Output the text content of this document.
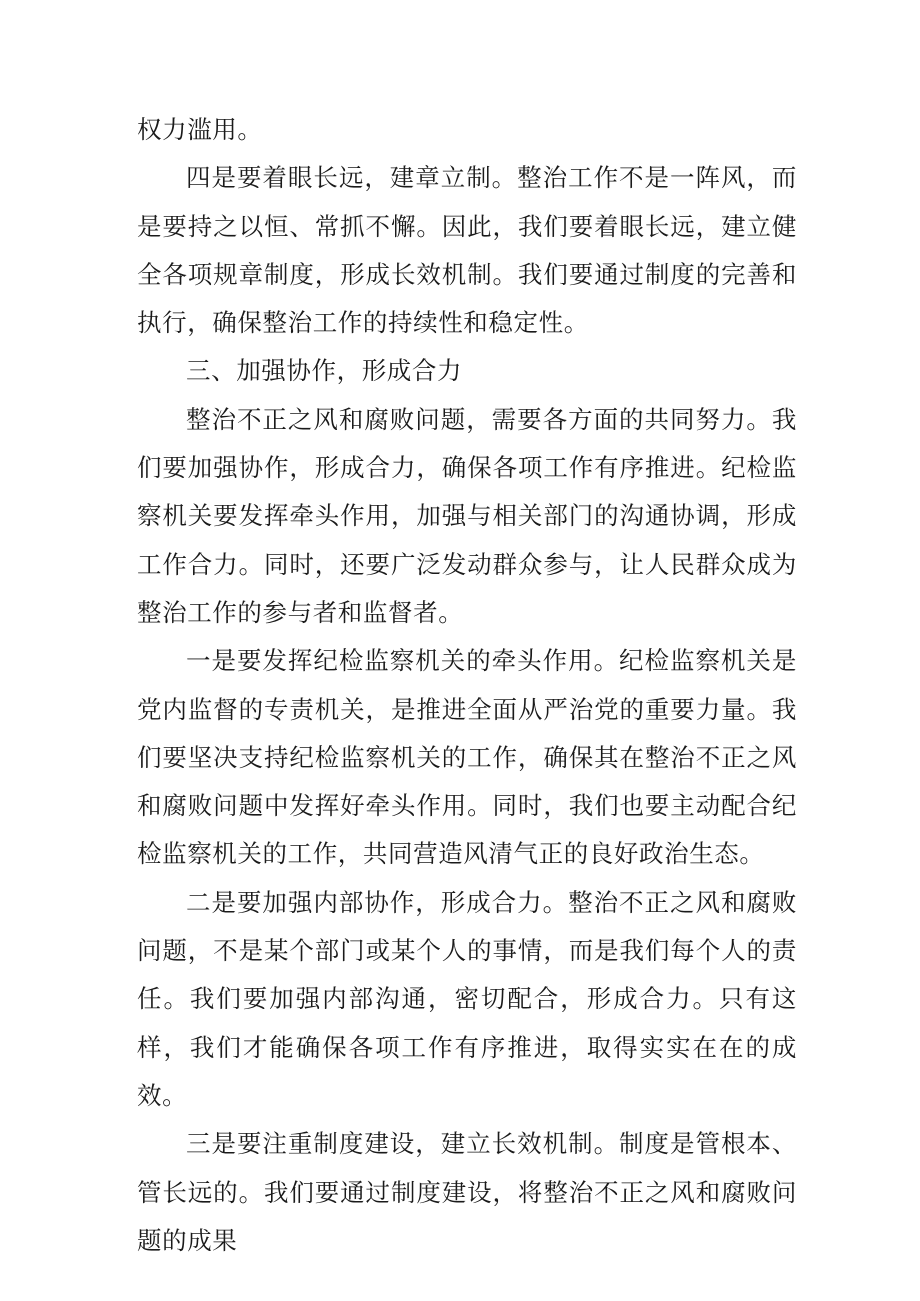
权力滥用。

四是要着眼长远，建章立制。整治工作不是一阵风，而是要持之以恒、常抓不懈。因此，我们要着眼长远，建立健全各项规章制度，形成长效机制。我们要通过制度的完善和执行，确保整治工作的持续性和稳定性。

三、加强协作，形成合力

整治不正之风和腐败问题，需要各方面的共同努力。我们要加强协作，形成合力，确保各项工作有序推进。纪检监察机关要发挥牵头作用，加强与相关部门的沟通协调，形成工作合力。同时，还要广泛发动群众参与，让人民群众成为整治工作的参与者和监督者。

一是要发挥纪检监察机关的牵头作用。纪检监察机关是党内监督的专责机关，是推进全面从严治党的重要力量。我们要坚决支持纪检监察机关的工作，确保其在整治不正之风和腐败问题中发挥好牵头作用。同时，我们也要主动配合纪检监察机关的工作，共同营造风清气正的良好政治生态。

二是要加强内部协作，形成合力。整治不正之风和腐败问题，不是某个部门或某个人的事情，而是我们每个人的责任。我们要加强内部沟通，密切配合，形成合力。只有这样，我们才能确保各项工作有序推进，取得实实在在的成效。

三是要注重制度建设，建立长效机制。制度是管根本、管长远的。我们要通过制度建设，将整治不正之风和腐败问题的成果
